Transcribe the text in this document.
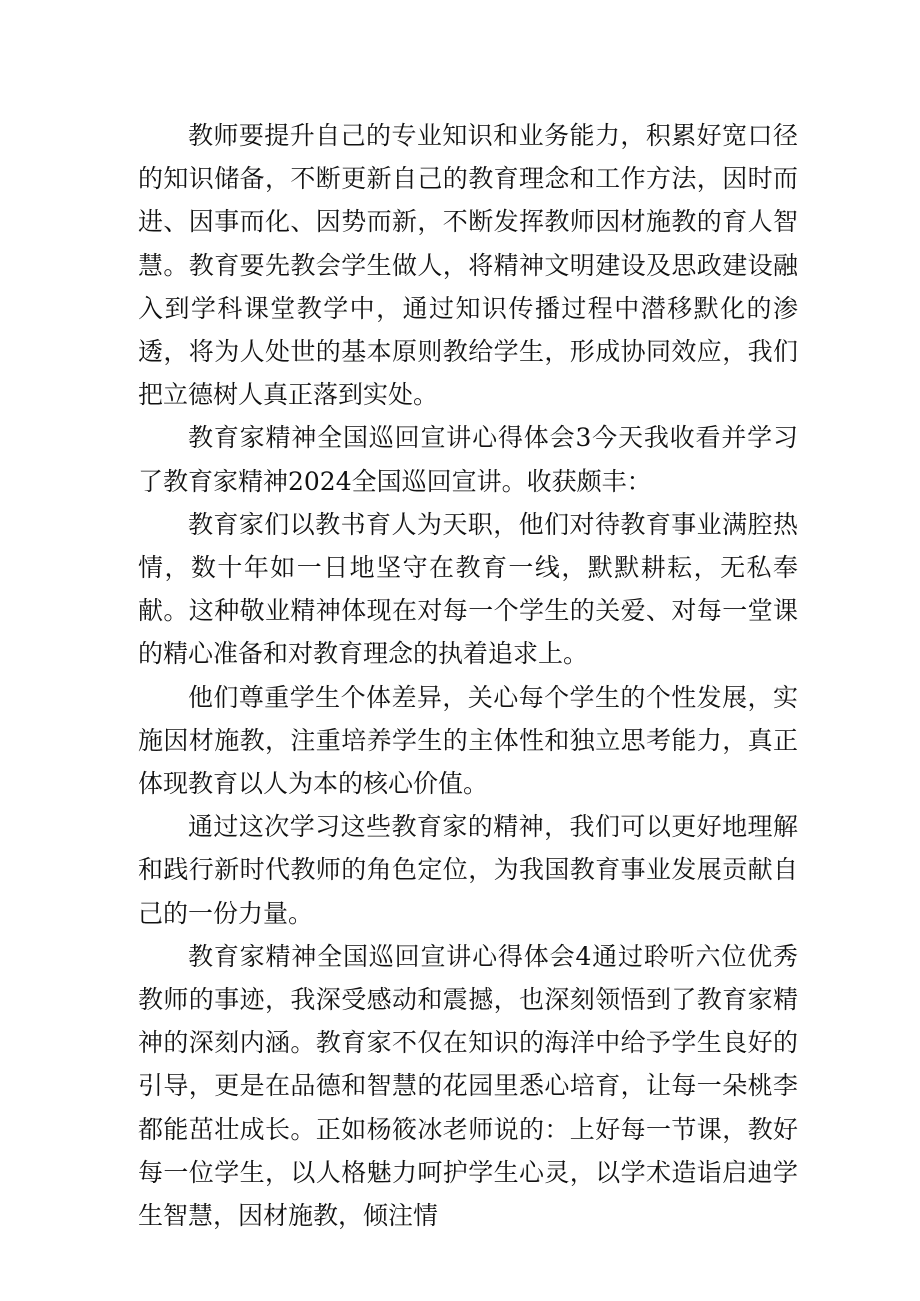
教师要提升自己的专业知识和业务能力，积累好宽口径的知识储备，不断更新自己的教育理念和工作方法，因时而进、因事而化、因势而新，不断发挥教师因材施教的育人智慧。教育要先教会学生做人，将精神文明建设及思政建设融入到学科课堂教学中，通过知识传播过程中潜移默化的渗透，将为人处世的基本原则教给学生，形成协同效应，我们把立德树人真正落到实处。

教育家精神全国巡回宣讲心得体会3今天我收看并学习了教育家精神2024全国巡回宣讲。收获颇丰：

教育家们以教书育人为天职，他们对待教育事业满腔热情，数十年如一日地坚守在教育一线，默默耕耘，无私奉献。这种敬业精神体现在对每一个学生的关爱、对每一堂课的精心准备和对教育理念的执着追求上。

他们尊重学生个体差异，关心每个学生的个性发展，实施因材施教，注重培养学生的主体性和独立思考能力，真正体现教育以人为本的核心价值。

通过这次学习这些教育家的精神，我们可以更好地理解和践行新时代教师的角色定位，为我国教育事业发展贡献自己的一份力量。

教育家精神全国巡回宣讲心得体会4通过聆听六位优秀教师的事迹，我深受感动和震撼，也深刻领悟到了教育家精神的深刻内涵。教育家不仅在知识的海洋中给予学生良好的引导，更是在品德和智慧的花园里悉心培育，让每一朵桃李都能茁壮成长。正如杨筱冰老师说的：上好每一节课，教好每一位学生，以人格魅力呵护学生心灵，以学术造诣启迪学生智慧，因材施教，倾注情
